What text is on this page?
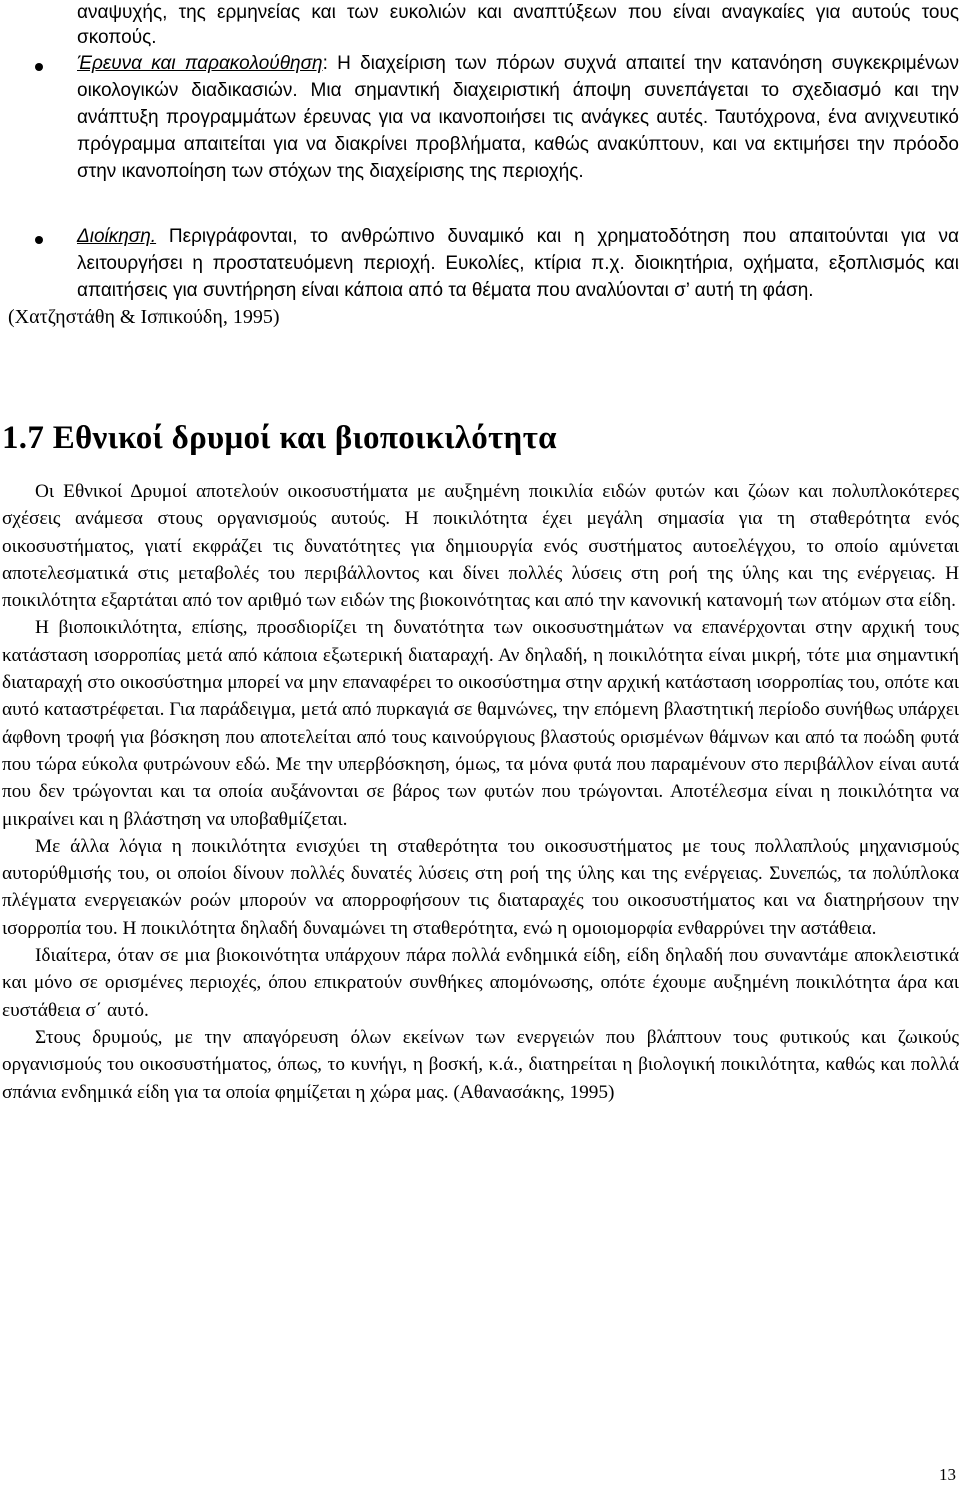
αναψυχής, της ερμηνείας και των ευκολιών και αναπτύξεων που είναι αναγκαίες για αυτούς τους σκοπούς.
Έρευνα και παρακολούθηση: Η διαχείριση των πόρων συχνά απαιτεί την κατανόηση συγκεκριμένων οικολογικών διαδικασιών. Μια σημαντική διαχειριστική άποψη συνεπάγεται το σχεδιασμό και την ανάπτυξη προγραμμάτων έρευνας για να ικανοποιήσει τις ανάγκες αυτές. Ταυτόχρονα, ένα ανιχνευτικό πρόγραμμα απαιτείται για να διακρίνει προβλήματα, καθώς ανακύπτουν, και να εκτιμήσει την πρόοδο στην ικανοποίηση των στόχων της διαχείρισης της περιοχής.
Διοίκηση. Περιγράφονται, το ανθρώπινο δυναμικό και η χρηματοδότηση που απαιτούνται για να λειτουργήσει η προστατευόμενη περιοχή. Ευκολίες, κτίρια π.χ. διοικητήρια, οχήματα, εξοπλισμός και απαιτήσεις για συντήρηση είναι κάποια από τα θέματα που αναλύονται σ’ αυτή τη φάση.
(Χατζηστάθη & Ισπικούδη, 1995)
1.7 Εθνικοί δρυμοί και βιοποικιλότητα

Οι Εθνικοί Δρυμοί αποτελούν οικοσυστήματα με αυξημένη ποικιλία ειδών φυτών και ζώων και πολυπλοκότερες σχέσεις ανάμεσα στους οργανισμούς αυτούς. Η ποικιλότητα έχει μεγάλη σημασία για τη σταθερότητα ενός οικοσυστήματος, γιατί εκφράζει τις δυνατότητες για δημιουργία ενός συστήματος αυτοελέγχου, το οποίο αμύνεται αποτελεσματικά στις μεταβολές του περιβάλλοντος και δίνει πολλές λύσεις στη ροή της ύλης και της ενέργειας. Η ποικιλότητα εξαρτάται από τον αριθμό των ειδών της βιοκοινότητας και από την κανονική κατανομή των ατόμων στα είδη.

Η βιοποικιλότητα, επίσης, προσδιορίζει τη δυνατότητα των οικοσυστημάτων να επανέρχονται στην αρχική τους κατάσταση ισορροπίας μετά από κάποια εξωτερική διαταραχή. Αν δηλαδή, η ποικιλότητα είναι μικρή, τότε μια σημαντική διαταραχή στο οικοσύστημα μπορεί να μην επαναφέρει το οικοσύστημα στην αρχική κατάσταση ισορροπίας του, οπότε και αυτό καταστρέφεται. Για παράδειγμα, μετά από πυρκαγιά σε θαμνώνες, την επόμενη βλαστητική περίοδο συνήθως υπάρχει άφθονη τροφή για βόσκηση που αποτελείται από τους καινούργιους βλαστούς ορισμένων θάμνων και από τα ποώδη φυτά που τώρα εύκολα φυτρώνουν εδώ. Με την υπερβόσκηση, όμως, τα μόνα φυτά που παραμένουν στο περιβάλλον είναι αυτά που δεν τρώγονται και τα οποία αυξάνονται σε βάρος των φυτών που τρώγονται. Αποτέλεσμα είναι η ποικιλότητα να μικραίνει και η βλάστηση να υποβαθμίζεται.

Με άλλα λόγια η ποικιλότητα ενισχύει τη σταθερότητα του οικοσυστήματος με τους πολλαπλούς μηχανισμούς αυτορύθμισής του, οι οποίοι δίνουν πολλές δυνατές λύσεις στη ροή της ύλης και της ενέργειας. Συνεπώς, τα πολύπλοκα πλέγματα ενεργειακών ροών μπορούν να απορροφήσουν τις διαταραχές του οικοσυστήματος και να διατηρήσουν την ισορροπία του. Η ποικιλότητα δηλαδή δυναμώνει τη σταθερότητα, ενώ η ομοιομορφία ενθαρρύνει την αστάθεια.

Ιδιαίτερα, όταν σε μια βιοκοινότητα υπάρχουν πάρα πολλά ενδημικά είδη, είδη δηλαδή που συναντάμε αποκλειστικά και μόνο σε ορισμένες περιοχές, όπου επικρατούν συνθήκες απομόνωσης, οπότε έχουμε αυξημένη ποικιλότητα άρα και ευστάθεια σ΄ αυτό.

Στους δρυμούς, με την απαγόρευση όλων εκείνων των ενεργειών που βλάπτουν τους φυτικούς και ζωικούς οργανισμούς του οικοσυστήματος, όπως, το κυνήγι, η βοσκή, κ.ά., διατηρείται η βιολογική ποικιλότητα, καθώς και πολλά σπάνια ενδημικά είδη για τα οποία φημίζεται η χώρα μας. (Αθανασάκης, 1995)

13
